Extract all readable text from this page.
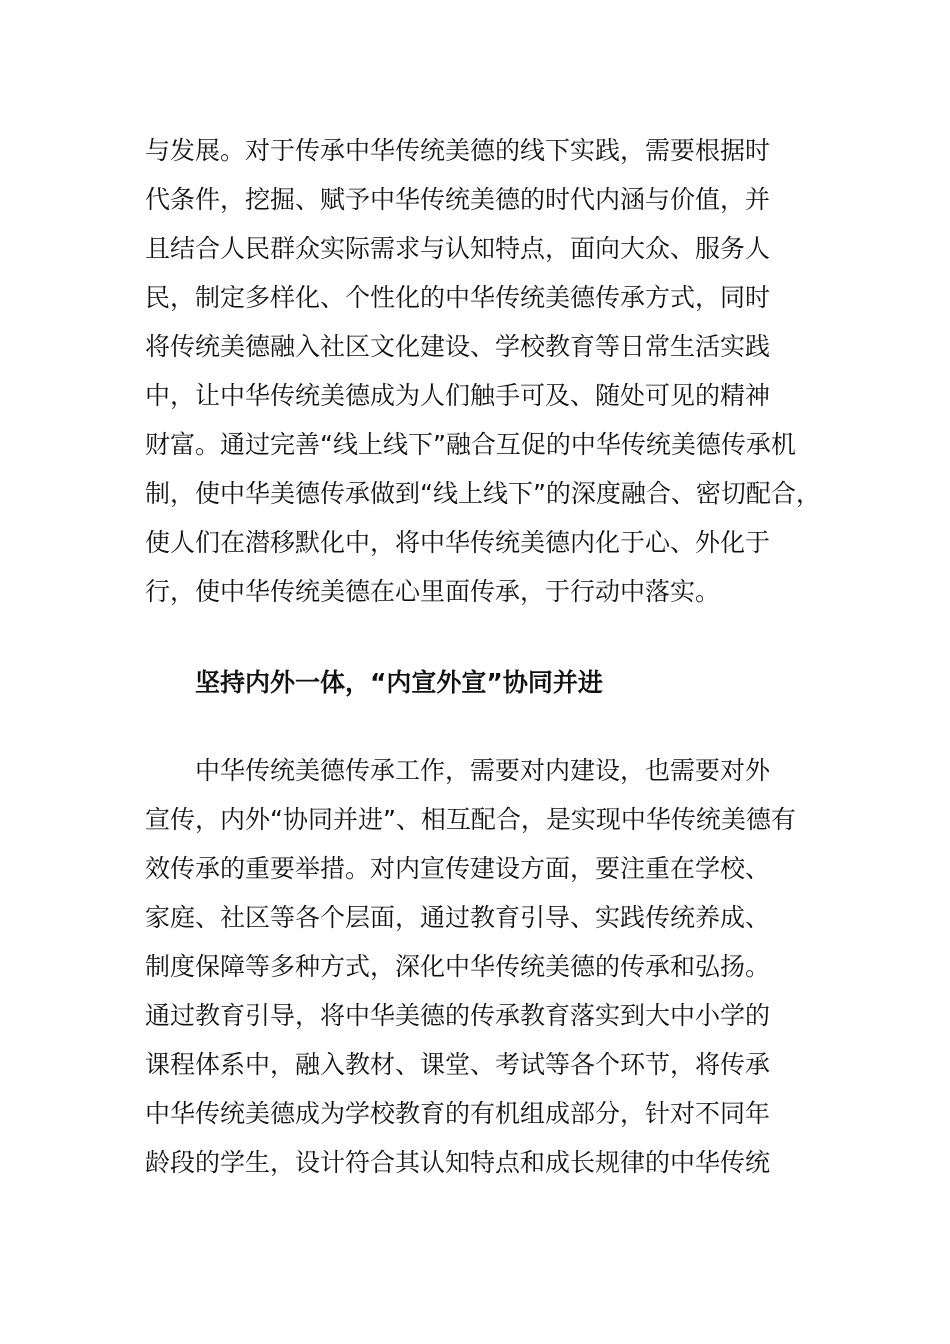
与发展。对于传承中华传统美德的线下实践，需要根据时
代条件，挖掘、赋予中华传统美德的时代内涵与价值，并
且结合人民群众实际需求与认知特点，面向大众、服务人
民，制定多样化、个性化的中华传统美德传承方式，同时
将传统美德融入社区文化建设、学校教育等日常生活实践
中，让中华传统美德成为人们触手可及、随处可见的精神
财富。通过完善“线上线下”融合互促的中华传统美德传承机
制，使中华美德传承做到“线上线下”的深度融合、密切配合，
使人们在潜移默化中，将中华传统美德内化于心、外化于
行，使中华传统美德在心里面传承，于行动中落实。
坚持内外一体，“内宣外宣”协同并进
中华传统美德传承工作，需要对内建设，也需要对外
宣传，内外“协同并进”、相互配合，是实现中华传统美德有
效传承的重要举措。对内宣传建设方面，要注重在学校、
家庭、社区等各个层面，通过教育引导、实践传统养成、
制度保障等多种方式，深化中华传统美德的传承和弘扬。
通过教育引导，将中华美德的传承教育落实到大中小学的
课程体系中，融入教材、课堂、考试等各个环节，将传承
中华传统美德成为学校教育的有机组成部分，针对不同年
龄段的学生，设计符合其认知特点和成长规律的中华传统
